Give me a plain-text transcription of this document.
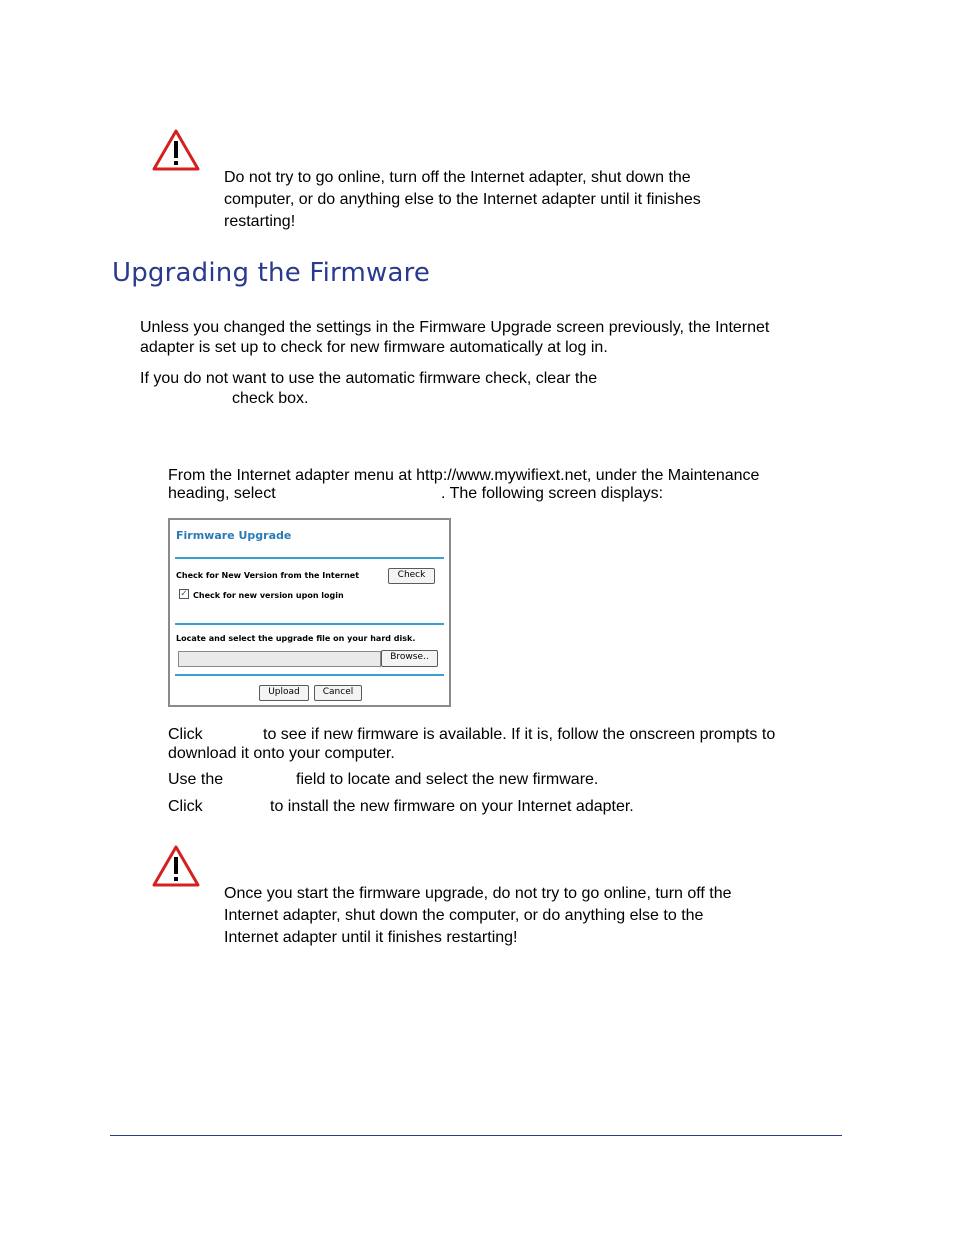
Do not try to go online, turn off the Internet adapter, shut down the

computer, or do anything else to the Internet adapter until it finishes

restarting!

Upgrading the Firmware

Unless you changed the settings in the Firmware Upgrade screen previously, the Internet

adapter is set up to check for new firmware automatically at log in.

If you do not want to use the automatic firmware check, clear the

check box.

From the Internet adapter menu at http://www.mywifiext.net, under the Maintenance

heading, select	. The following screen displays:

Firmware Upgrade
Check for New Version from the Internet	Check
✓ Check for new version upon login
Locate and select the upgrade file on your hard disk.
Browse..
Upload	Cancel

Click	to see if new firmware is available. If it is, follow the onscreen prompts to

download it onto your computer.

Use the	field to locate and select the new firmware.

Click	to install the new firmware on your Internet adapter.

Once you start the firmware upgrade, do not try to go online, turn off the

Internet adapter, shut down the computer, or do anything else to the

Internet adapter until it finishes restarting!
